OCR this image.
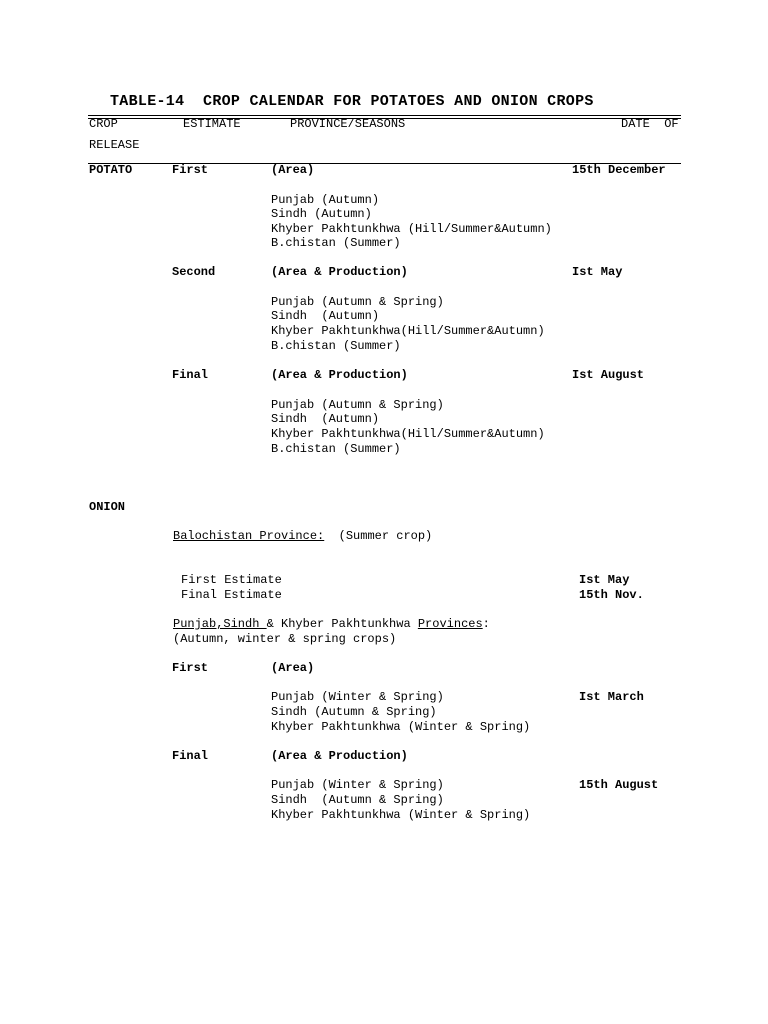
TABLE-14  CROP CALENDAR FOR POTATOES AND ONION CROPS
CROP	ESTIMATE	PROVINCE/SEASONS	DATE  OF
RELEASE
POTATO	First	(Area)	15th December
Punjab (Autumn)
Sindh (Autumn)
Khyber Pakhtunkhwa (Hill/Summer&Autumn)
B.chistan (Summer)
Second	(Area & Production)	Ist May
Punjab (Autumn & Spring)
Sindh  (Autumn)
Khyber Pakhtunkhwa(Hill/Summer&Autumn)
B.chistan (Summer)
Final	(Area & Production)	Ist August
Punjab (Autumn & Spring)
Sindh  (Autumn)
Khyber Pakhtunkhwa(Hill/Summer&Autumn)
B.chistan (Summer)
ONION
Balochistan Province: (Summer crop)
First Estimate	Ist May
Final Estimate	15th Nov.
Punjab,Sindh & Khyber Pakhtunkhwa Provinces:
(Autumn, winter & spring crops)
First	(Area)
Punjab (Winter & Spring)	Ist March
Sindh (Autumn & Spring)
Khyber Pakhtunkhwa (Winter & Spring)
Final	(Area & Production)
Punjab (Winter & Spring)	15th August
Sindh  (Autumn & Spring)
Khyber Pakhtunkhwa (Winter & Spring)
